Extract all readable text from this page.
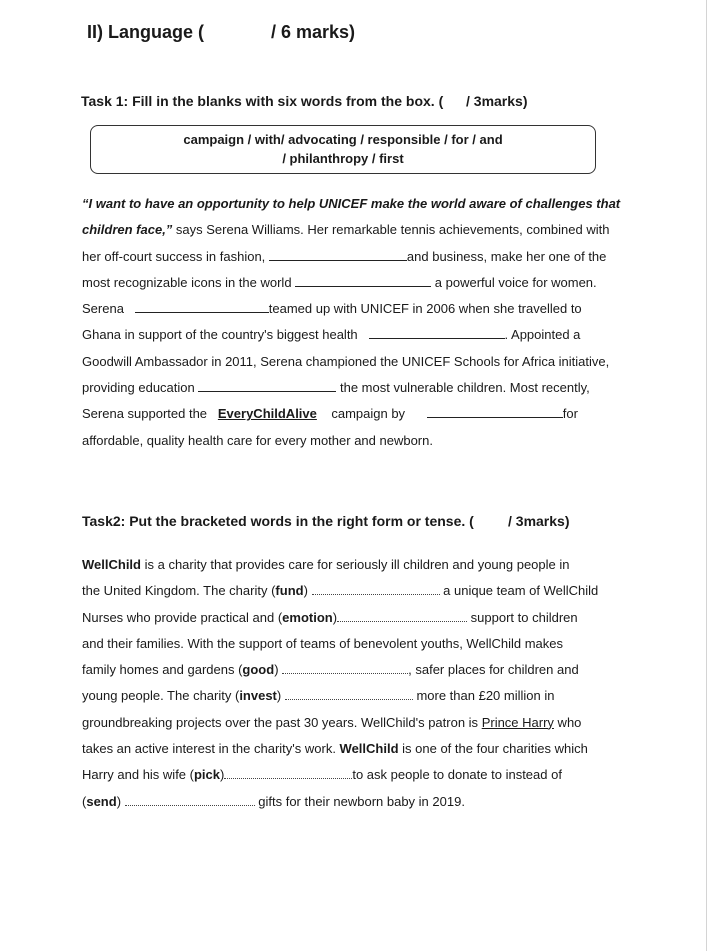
II) Language (	/ 6 marks)
Task 1: Fill in the blanks with six words from the box. ( / 3marks)
campaign / with/ advocating / responsible / for / and
/ philanthropy / first
“I want to have an opportunity to help UNICEF make the world aware of challenges that
children face,” says Serena Williams. Her remarkable tennis achievements, combined with
her off-court success in fashion,	and business, make her one of the
most recognizable icons in the world	a powerful voice for women.
Serena	teamed up with UNICEF in 2006 when she travelled to
Ghana in support of the country's biggest health	. Appointed a
Goodwill Ambassador in 2011, Serena championed the UNICEF Schools for Africa initiative,
providing education	the most vulnerable children. Most recently,
Serena supported the EveryChildAlive campaign by	for
affordable, quality health care for every mother and newborn.
Task2: Put the bracketed words in the right form or tense. ( / 3marks)
WellChild is a charity that provides care for seriously ill children and young people in
the United Kingdom. The charity (fund)	a unique team of WellChild
Nurses who provide practical and (emotion)	support to children
and their families. With the support of teams of benevolent youths, WellChild makes
family homes and gardens (good)	, safer places for children and
young people. The charity (invest)	more than £20 million in
groundbreaking projects over the past 30 years. WellChild's patron is Prince Harry who
takes an active interest in the charity's work. WellChild is one of the four charities which
Harry and his wife (pick)	to ask people to donate to instead of
(send)	gifts for their newborn baby in 2019.
